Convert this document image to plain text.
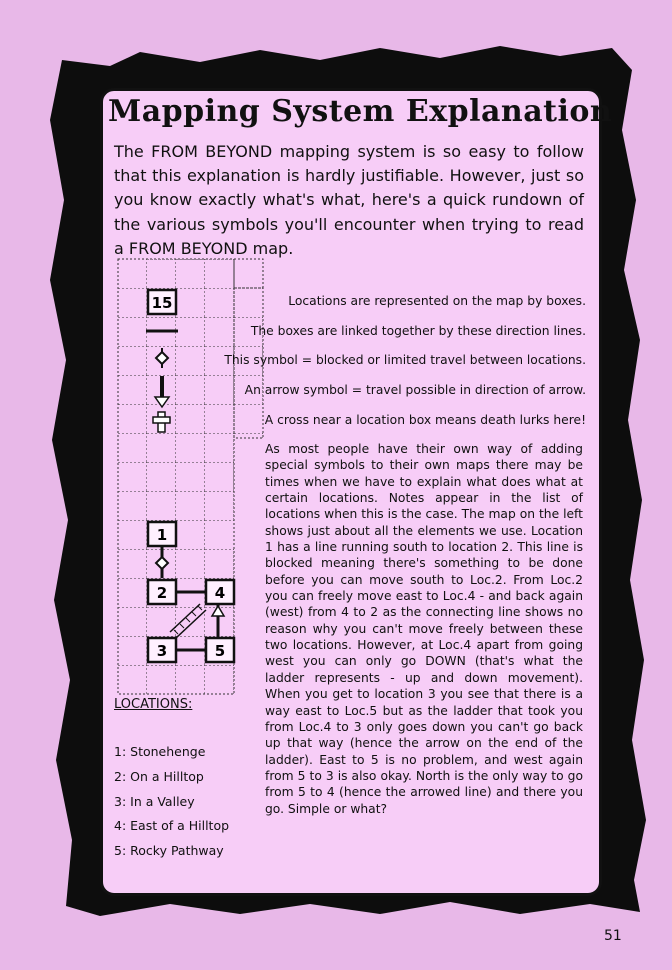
Mapping System Explanation
The FROM BEYOND mapping system is so easy to follow that this explanation is hardly justifiable. However, just so you know exactly what's what, here's a quick rundown of the various symbols you'll encounter when trying to read a FROM BEYOND map.
15
1
2	4
3	5
Locations are represented on the map by boxes.
The boxes are linked together by these direction lines.
This symbol = blocked or limited travel between locations.
An arrow symbol = travel possible in direction of arrow.
A cross near a location box means death lurks here!
As most people have their own way of adding special symbols to their own maps there may be times when we have to explain what does what at certain locations. Notes appear in the list of locations when this is the case. The map on the left shows just about all the elements we use. Location 1 has a line running south to location 2. This line is blocked meaning there's something to be done before you can move south to Loc.2. From Loc.2 you can freely move east to Loc.4 - and back again (west) from 4 to 2 as the connecting line shows no reason why you can't move freely between these two locations. However, at Loc.4 apart from going west you can only go DOWN (that's what the ladder represents - up and down movement). When you get to location 3 you see that there is a way east to Loc.5 but as the ladder that took you from Loc.4 to 3 only goes down you can't go back up that way (hence the arrow on the end of the ladder). East to 5 is no problem, and west again from 5 to 3 is also okay. North is the only way to go from 5 to 4 (hence the arrowed line) and there you go. Simple or what?
LOCATIONS:
1: Stonehenge
2: On a Hilltop
3: In a Valley
4: East of a Hilltop
5: Rocky Pathway
51
